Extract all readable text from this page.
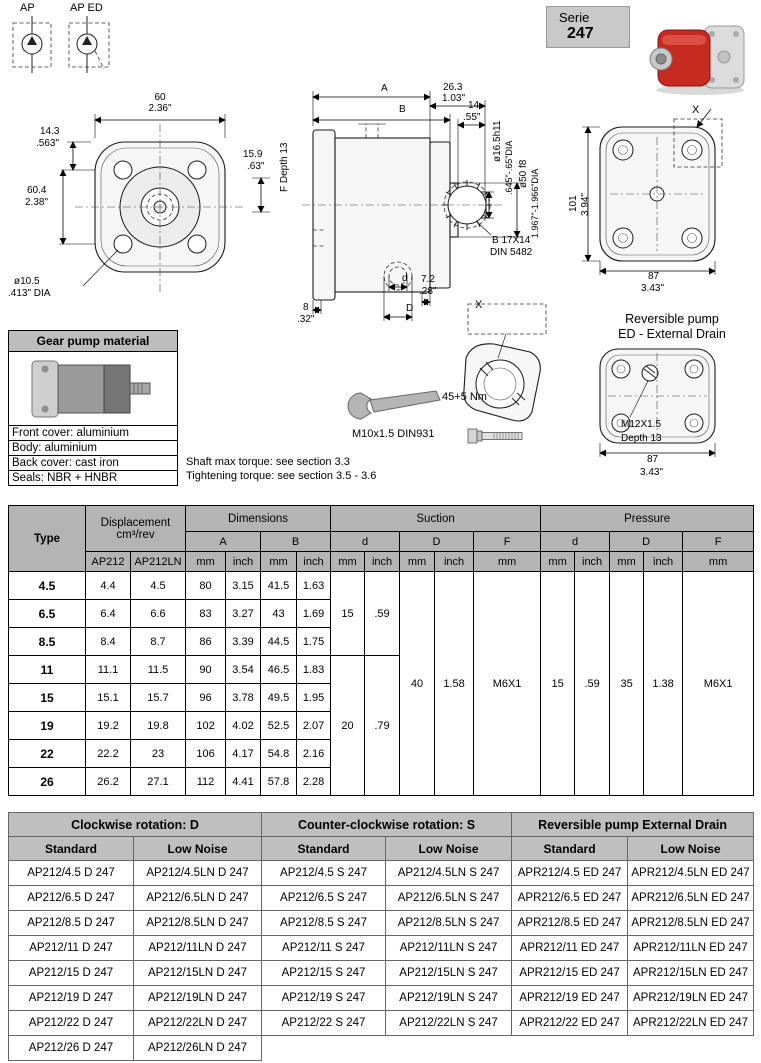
AP	AP ED
Serie
247
60
2.36"
14.3
.563"
60.4
2.38"
15.9
.63"
ø10.5
.413" DIA
A	26.3
1.03"
B	14
.55"
F Depth 13
ø16.5h11 .645"-.65"DIA ø50 f8 1.967"-1.966"DIA
B 17X14
DIN 5482
d 7.2
.28"
D
8
.32"
X
101 3.94"
87
3.43"
Reversible pump
ED - External Drain
Gear pump material
Front cover: aluminium
Body: aluminium
Back cover: cast iron
Seals: NBR + HNBR
X
45+5 Nm
M10x1.5 DIN931
Shaft max torque: see section 3.3
Tightening torque: see section 3.5 - 3.6
M12X1.5
Depth 13
87
3.43"
Type	Displacement
cm³/rev		Dimensions				Suction					Pressure				
			A		B		d		D		F	d		D		F
	AP212	AP212LN	mm	inch	mm	inch	mm	inch	mm	inch	mm	mm	inch	mm	inch	mm
4.5	4.4	4.5	80	3.15	41.5	1.63	15	.59	40	1.58	M6X1	15	.59	35	1.38	M6X1
6.5	6.4	6.6	83	3.27	43	1.69										
8.5	8.4	8.7	86	3.39	44.5	1.75										
11	11.1	11.5	90	3.54	46.5	1.83	20	.79								
15	15.1	15.7	96	3.78	49.5	1.95										
19	19.2	19.8	102	4.02	52.5	2.07										
22	22.2	23	106	4.17	54.8	2.16										
26	26.2	27.1	112	4.41	57.8	2.28										
Clockwise rotation: D		Counter-clockwise rotation: S		Reversible pump External Drain	
Standard	Low Noise	Standard	Low Noise	Standard	Low Noise
AP212/4.5 D 247	AP212/4.5LN D 247	AP212/4.5 S 247	AP212/4.5LN S 247	APR212/4.5 ED 247	APR212/4.5LN ED 247
AP212/6.5 D 247	AP212/6.5LN D 247	AP212/6.5 S 247	AP212/6.5LN S 247	APR212/6.5 ED 247	APR212/6.5LN ED 247
AP212/8.5 D 247	AP212/8.5LN D 247	AP212/8.5 S 247	AP212/8.5LN S 247	APR212/8.5 ED 247	APR212/8.5LN ED 247
AP212/11 D 247	AP212/11LN D 247	AP212/11 S 247	AP212/11LN S 247	APR212/11 ED 247	APR212/11LN ED 247
AP212/15 D 247	AP212/15LN D 247	AP212/15 S 247	AP212/15LN S 247	APR212/15 ED 247	APR212/15LN ED 247
AP212/19 D 247	AP212/19LN D 247	AP212/19 S 247	AP212/19LN S 247	APR212/19 ED 247	APR212/19LN ED 247
AP212/22 D 247	AP212/22LN D 247	AP212/22 S 247	AP212/22LN S 247	APR212/22 ED 247	APR212/22LN ED 247
AP212/26 D 247	AP212/26LN D 247				
